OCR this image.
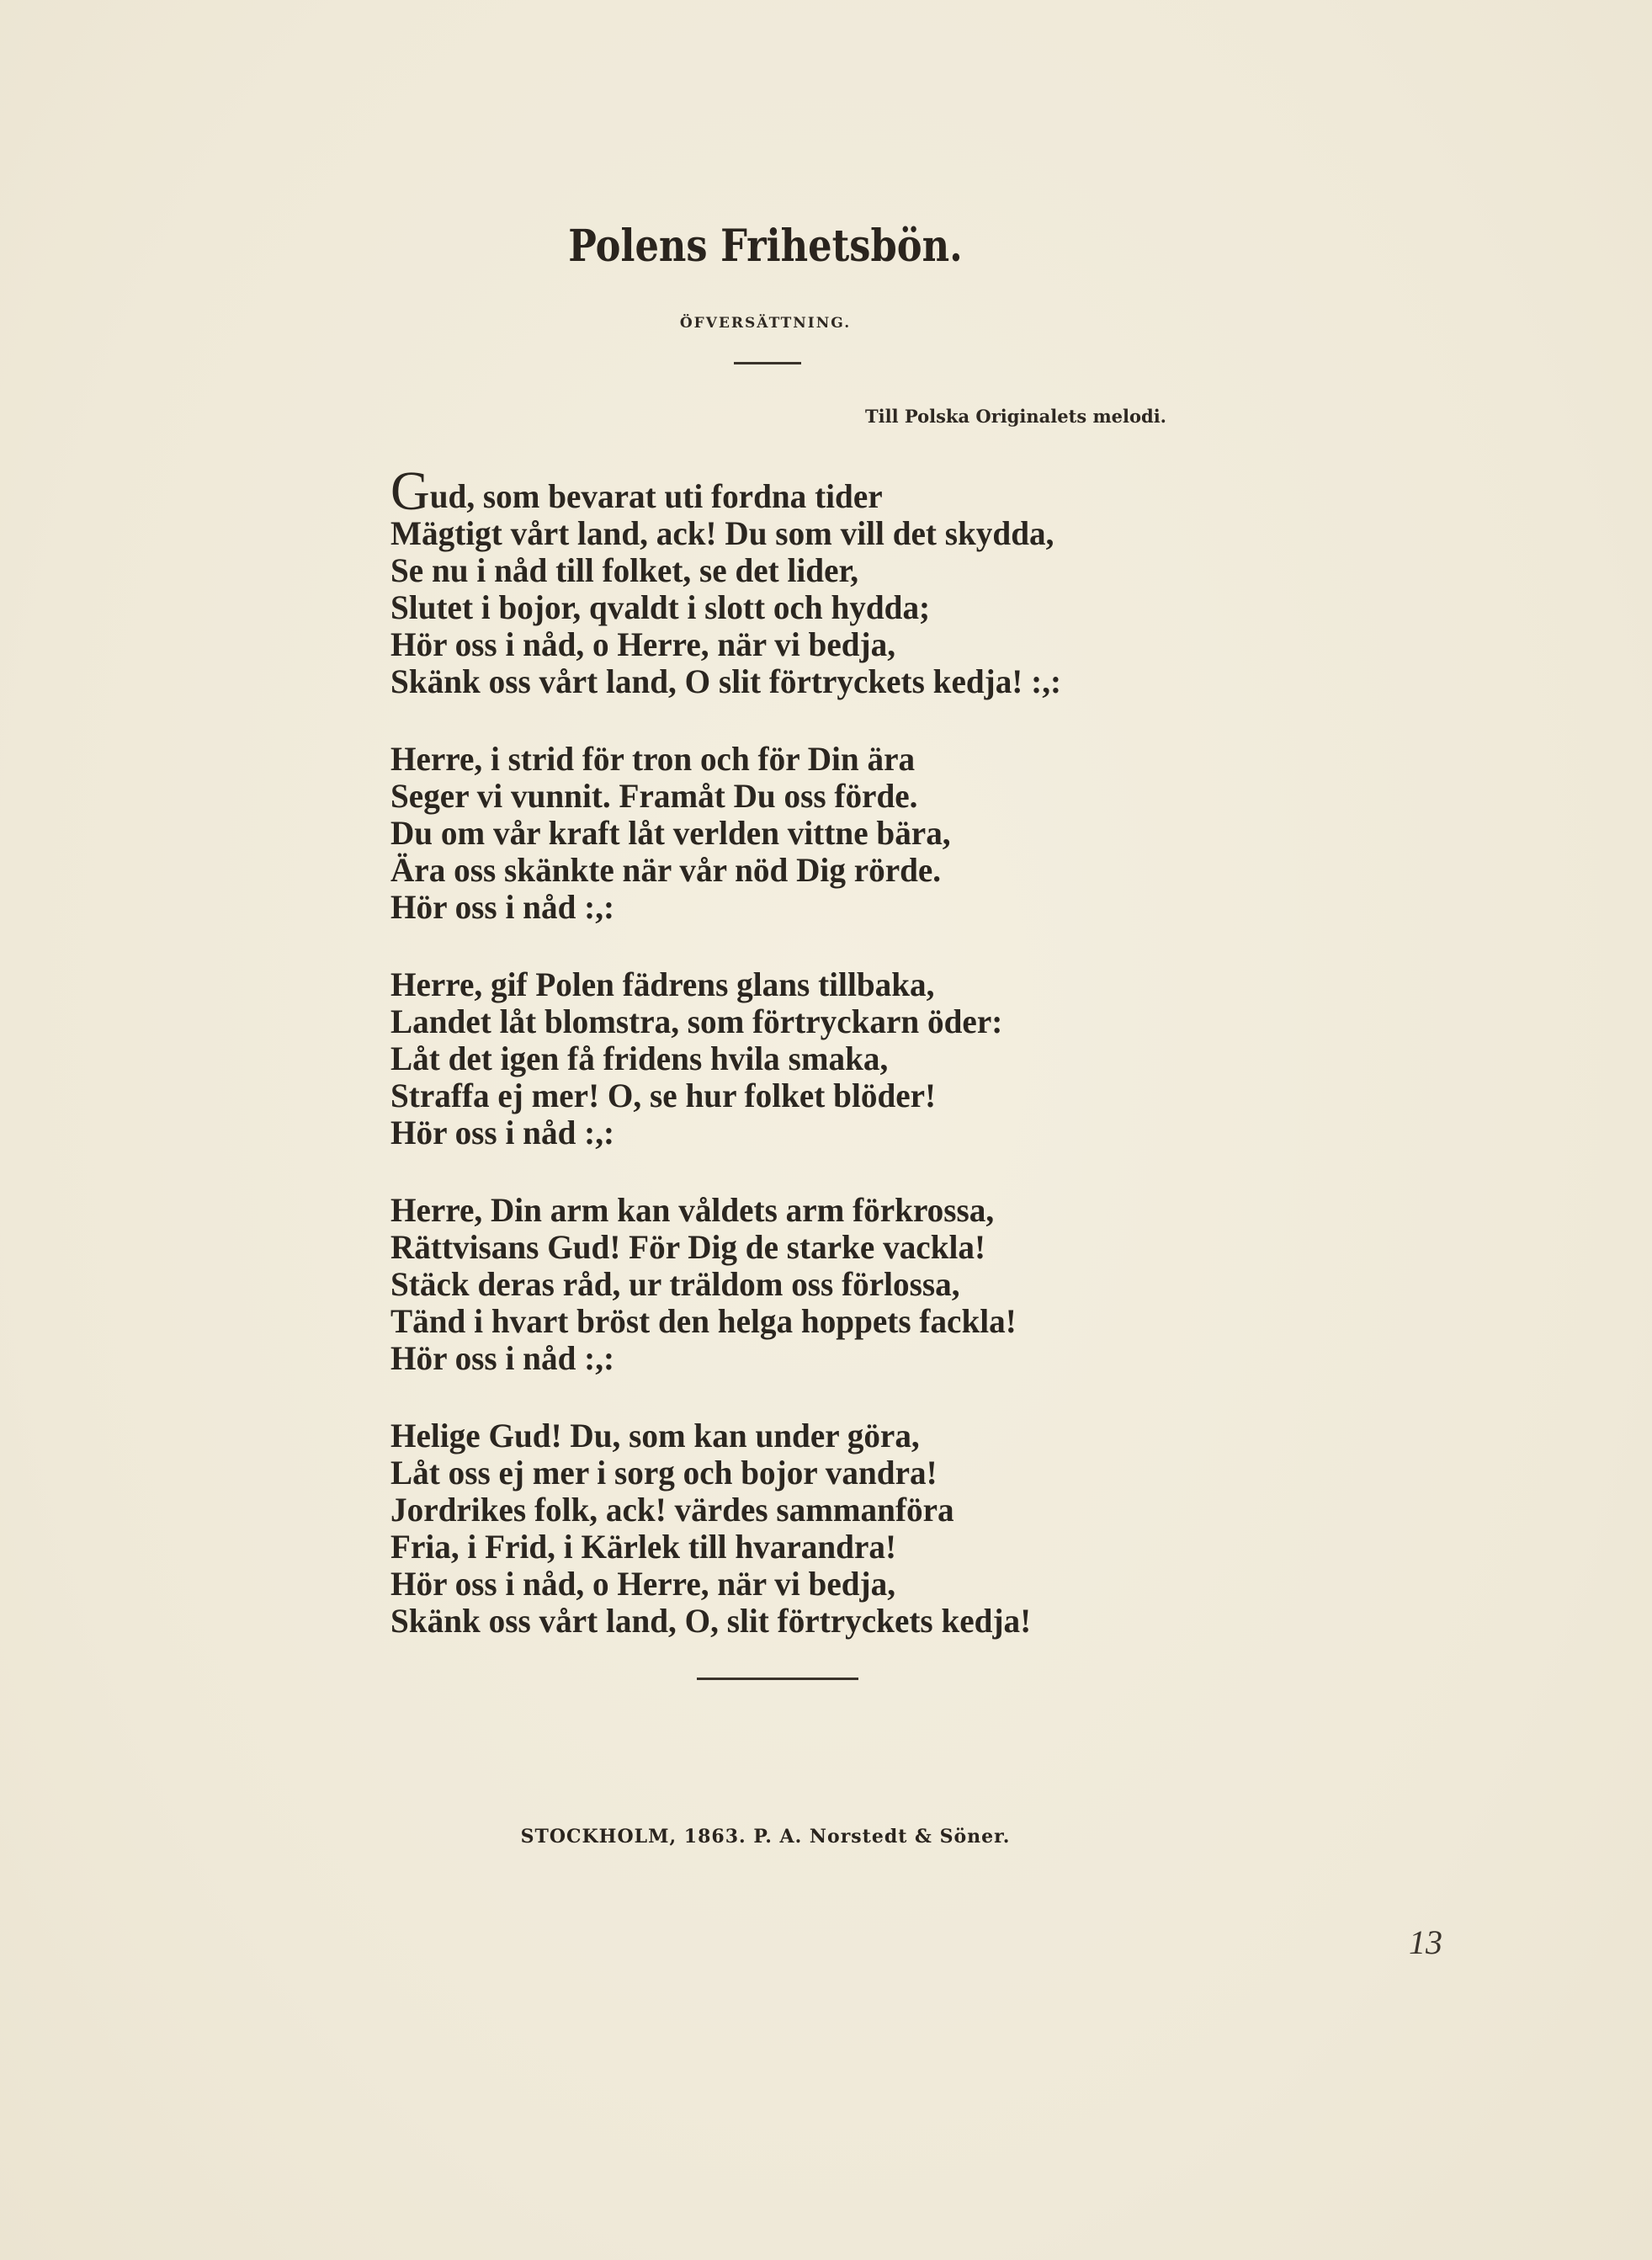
Polens Frihetsbön.
ÖFVERSÄTTNING.
Till Polska Originalets melodi.
Gud, som bevarat uti fordna tider
Mägtigt vårt land, ack! Du som vill det skydda,
Se nu i nåd till folket, se det lider,
Slutet i bojor, qvaldt i slott och hydda;
Hör oss i nåd, o Herre, när vi bedja,
Skänk oss vårt land, O slit förtryckets kedja! :,:
Herre, i strid för tron och för Din ära
Seger vi vunnit. Framåt Du oss förde.
Du om vår kraft låt verlden vittne bära,
Ära oss skänkte när vår nöd Dig rörde.
Hör oss i nåd :,:
Herre, gif Polen fädrens glans tillbaka,
Landet låt blomstra, som förtryckarn öder:
Låt det igen få fridens hvila smaka,
Straffa ej mer! O, se hur folket blöder!
Hör oss i nåd :,:
Herre, Din arm kan våldets arm förkrossa,
Rättvisans Gud! För Dig de starke vackla!
Stäck deras råd, ur träldom oss förlossa,
Tänd i hvart bröst den helga hoppets fackla!
Hör oss i nåd :,:
Helige Gud! Du, som kan under göra,
Låt oss ej mer i sorg och bojor vandra!
Jordrikes folk, ack! värdes sammanföra
Fria, i Frid, i Kärlek till hvarandra!
Hör oss i nåd, o Herre, när vi bedja,
Skänk oss vårt land, O, slit förtryckets kedja!
STOCKHOLM, 1863. P. A. Norstedt & Söner.
13
